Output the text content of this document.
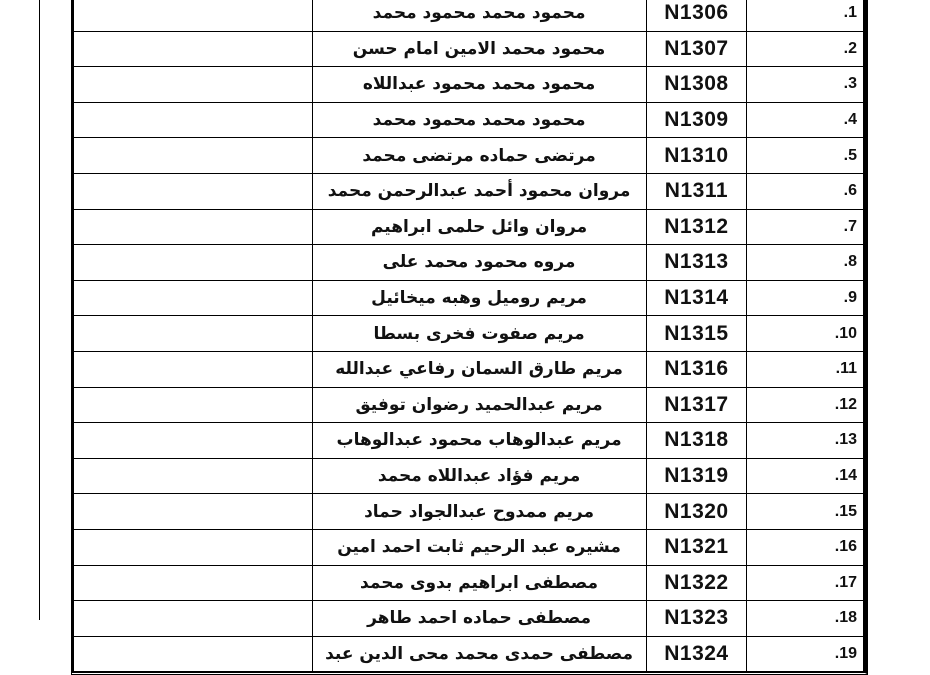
	محمود محمد محمود محمد	N1306	.1
	محمود محمد الامين امام حسن	N1307	.2
	محمود محمد محمود عبداللاه	N1308	.3
	محمود محمد محمود محمد	N1309	.4
	مرتضى حماده مرتضى محمد	N1310	.5
	مروان محمود أحمد عبدالرحمن محمد	N1311	.6
	مروان وائل حلمى ابراهيم	N1312	.7
	مروه محمود محمد على	N1313	.8
	مريم روميل وهبه ميخائيل	N1314	.9
	مريم صفوت فخرى بسطا	N1315	.10
	مريم طارق السمان رفاعي عبدالله	N1316	.11
	مريم عبدالحميد رضوان توفيق	N1317	.12
	مريم عبدالوهاب محمود عبدالوهاب	N1318	.13
	مريم فؤاد عبداللاه محمد	N1319	.14
	مريم ممدوح عبدالجواد حماد	N1320	.15
	مشيره عبد الرحيم ثابت احمد امين	N1321	.16
	مصطفى ابراهيم بدوى محمد	N1322	.17
	مصطفى حماده احمد طاهر	N1323	.18
	مصطفى حمدى محمد محى الدين عبد	N1324	.19
